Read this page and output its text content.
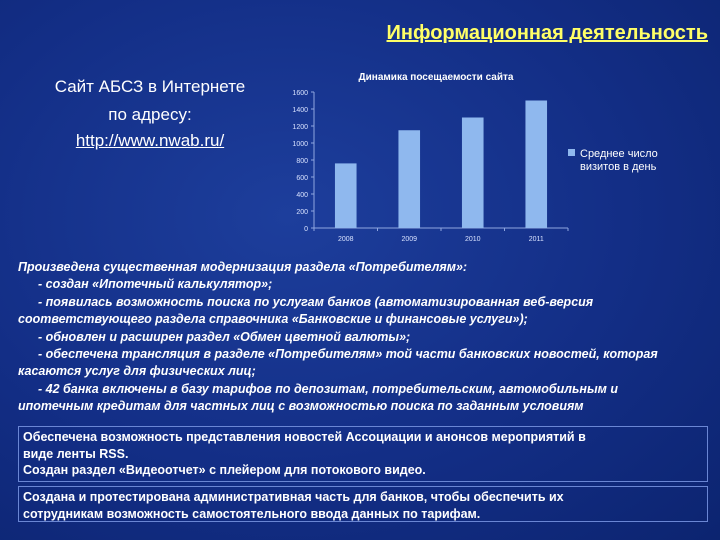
Информационная деятельность
Сайт АБСЗ в Интернете
по адресу:
http://www.nwab.ru/
Динамика посещаемости сайта
0
200
400
600
800
1000
1200
1400
1600
2008	2009	2010	2011
Среднее число
визитов в день
Произведена существенная модернизация раздела «Потребителям»:
- создан «Ипотечный калькулятор»;
- появилась возможность поиска по услугам банков (автоматизированная веб-версия
соответствующего раздела справочника «Банковские и финансовые услуги»);
- обновлен и расширен раздел «Обмен цветной валюты»;
- обеспечена трансляция в разделе «Потребителям» той части банковских новостей, которая
касаются услуг для физических лиц;
- 42 банка включены в базу тарифов по депозитам, потребительским, автомобильным и
ипотечным кредитам для частных лиц с возможностью поиска по заданным условиям
Обеспечена возможность представления новостей Ассоциации и анонсов мероприятий в
виде ленты RSS.
Создан раздел «Видеоотчет» с плейером для потокового видео.
Создана и протестирована административная часть для банков, чтобы обеспечить их
сотрудникам возможность самостоятельного ввода данных по тарифам.
